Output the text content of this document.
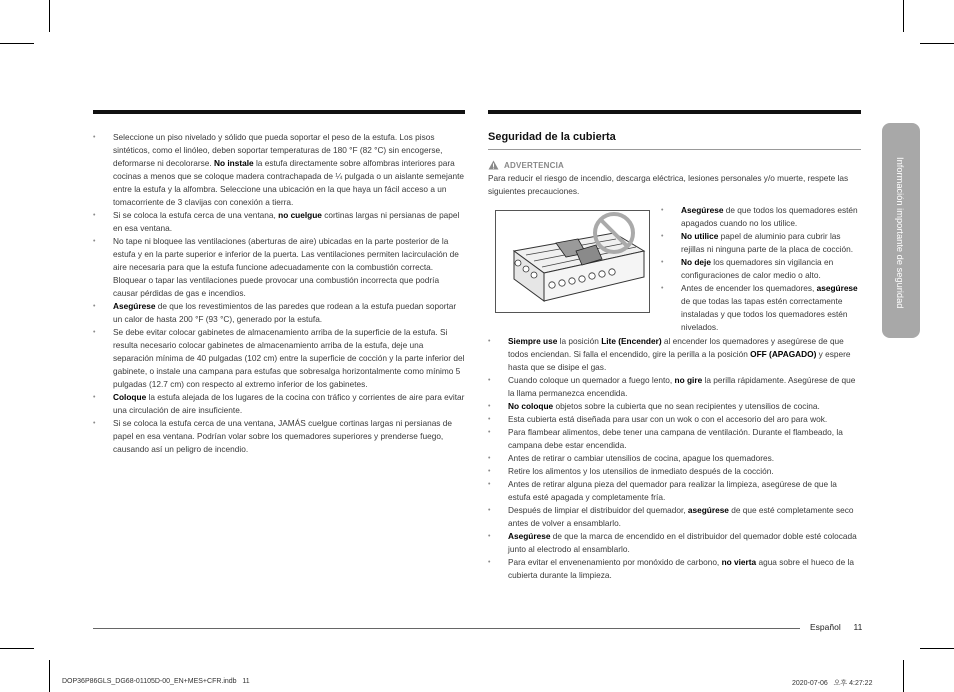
Información importante de seguridad
• Seleccione un piso nivelado y sólido que pueda soportar el peso de la estufa. Los pisos sintéticos, como el linóleo, deben soportar temperaturas de 180 °F (82 °C) sin encogerse, deformarse ni decolorarse. No instale la estufa directamente sobre alfombras interiores para cocinas a menos que se coloque madera contrachapada de ¼ pulgada o un aislante semejante entre la estufa y la alfombra. Seleccione una ubicación en la que haya un fácil acceso a un tomacorriente de 3 clavijas con conexión a tierra.
• Si se coloca la estufa cerca de una ventana, no cuelgue cortinas largas ni persianas de papel en esa ventana.
• No tape ni bloquee las ventilaciones (aberturas de aire) ubicadas en la parte posterior de la estufa y en la parte superior e inferior de la puerta. Las ventilaciones permiten lacirculación de aire necesaria para que la estufa funcione adecuadamente con la combustión correcta. Bloquear o tapar las ventilaciones puede provocar una combustión incorrecta que podría causar pérdidas de gas e incendios.
• Asegúrese de que los revestimientos de las paredes que rodean a la estufa puedan soportar un calor de hasta 200 °F (93 °C), generado por la estufa.
• Se debe evitar colocar gabinetes de almacenamiento arriba de la superficie de la estufa. Si resulta necesario colocar gabinetes de almacenamiento arriba de la estufa, deje una separación mínima de 40 pulgadas (102 cm) entre la superficie de cocción y la parte inferior del gabinete, o instale una campana para estufas que sobresalga horizontalmente como mínimo 5 pulgadas (12.7 cm) con respecto al extremo inferior de los gabinetes.
• Coloque la estufa alejada de los lugares de la cocina con tráfico y corrientes de aire para evitar una circulación de aire insuficiente.
• Si se coloca la estufa cerca de una ventana, JAMÁS cuelgue cortinas largas ni persianas de papel en esa ventana. Podrían volar sobre los quemadores superiores y prenderse fuego, causando así un peligro de incendio.
Seguridad de la cubierta
ADVERTENCIA
Para reducir el riesgo de incendio, descarga eléctrica, lesiones personales y/o muerte, respete las siguientes precauciones.
• Asegúrese de que todos los quemadores estén apagados cuando no los utilice.
• No utilice papel de aluminio para cubrir las rejillas ni ninguna parte de la placa de cocción.
• No deje los quemadores sin vigilancia en configuraciones de calor medio o alto.
• Antes de encender los quemadores, asegúrese de que todas las tapas estén correctamente instaladas y que todos los quemadores estén nivelados.
• Siempre use la posición Lite (Encender) al encender los quemadores y asegúrese de que todos enciendan. Si falla el encendido, gire la perilla a la posición OFF (APAGADO) y espere hasta que se disipe el gas.
• Cuando coloque un quemador a fuego lento, no gire la perilla rápidamente. Asegúrese de que la llama permanezca encendida.
• No coloque objetos sobre la cubierta que no sean recipientes y utensilios de cocina.
• Esta cubierta está diseñada para usar con un wok o con el accesorio del aro para wok.
• Para flambear alimentos, debe tener una campana de ventilación. Durante el flambeado, la campana debe estar encendida.
• Antes de retirar o cambiar utensilios de cocina, apague los quemadores.
• Retire los alimentos y los utensilios de inmediato después de la cocción.
• Antes de retirar alguna pieza del quemador para realizar la limpieza, asegúrese de que la estufa esté apagada y completamente fría.
• Después de limpiar el distribuidor del quemador, asegúrese de que esté completamente seco antes de volver a ensamblarlo.
• Asegúrese de que la marca de encendido en el distribuidor del quemador doble esté colocada junto al electrodo al ensamblarlo.
• Para evitar el envenenamiento por monóxido de carbono, no vierta agua sobre el hueco de la cubierta durante la limpieza.
Español 11
DOP36P86GLS_DG68-01105D-00_EN+MES+CFR.indb   11	2020-07-06   오후 4:27:22
